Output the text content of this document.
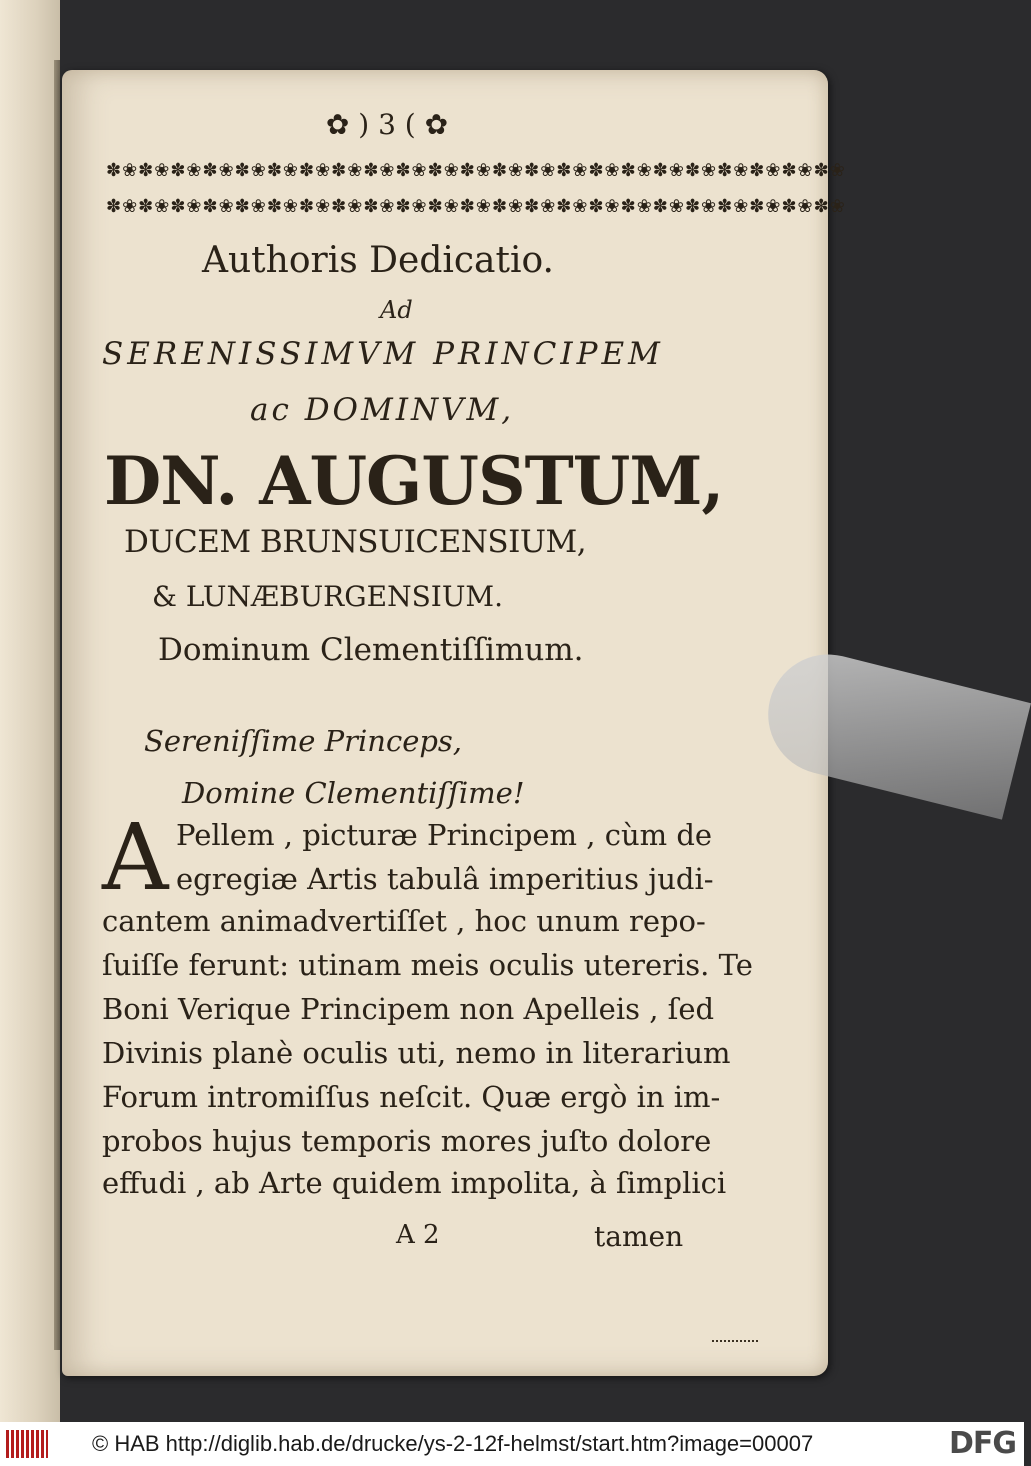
✿ ) 3 ( ✿
✽❀✽❀✽❀✽❀✽❀✽❀✽❀✽❀✽❀✽❀✽❀✽❀✽❀✽❀✽❀✽❀✽❀✽❀✽❀✽❀✽❀✽❀✽❀
✽❀✽❀✽❀✽❀✽❀✽❀✽❀✽❀✽❀✽❀✽❀✽❀✽❀✽❀✽❀✽❀✽❀✽❀✽❀✽❀✽❀✽❀✽❀
Authoris Dedicatio.
Ad
SERENISSIMVM PRINCIPEM
ac DOMINVM,
DN. AUGUSTUM,
DUCEM BRUNSUICENSIUM,
& LUNÆBURGENSIUM.
Dominum Clementiſſimum.
Sereniſſime Princeps,
Domine Clementiſſime!
A Pellem , picturæ Principem , cùm de
egregiæ Artis tabulâ imperitius judi-
cantem animadvertiſſet , hoc unum repo-
ſuiſſe ferunt: utinam meis oculis utereris. Te
Boni Verique Principem non Apelleis , ſed
Divinis planè oculis uti, nemo in literarium
Forum intromiſſus neſcit. Quæ ergò in im-
probos hujus temporis mores juſto dolore
effudi , ab Arte quidem impolita, à ſimplici
A 2	tamen
© HAB http://diglib.hab.de/drucke/ys-2-12f-helmst/start.htm?image=00007	DFG
